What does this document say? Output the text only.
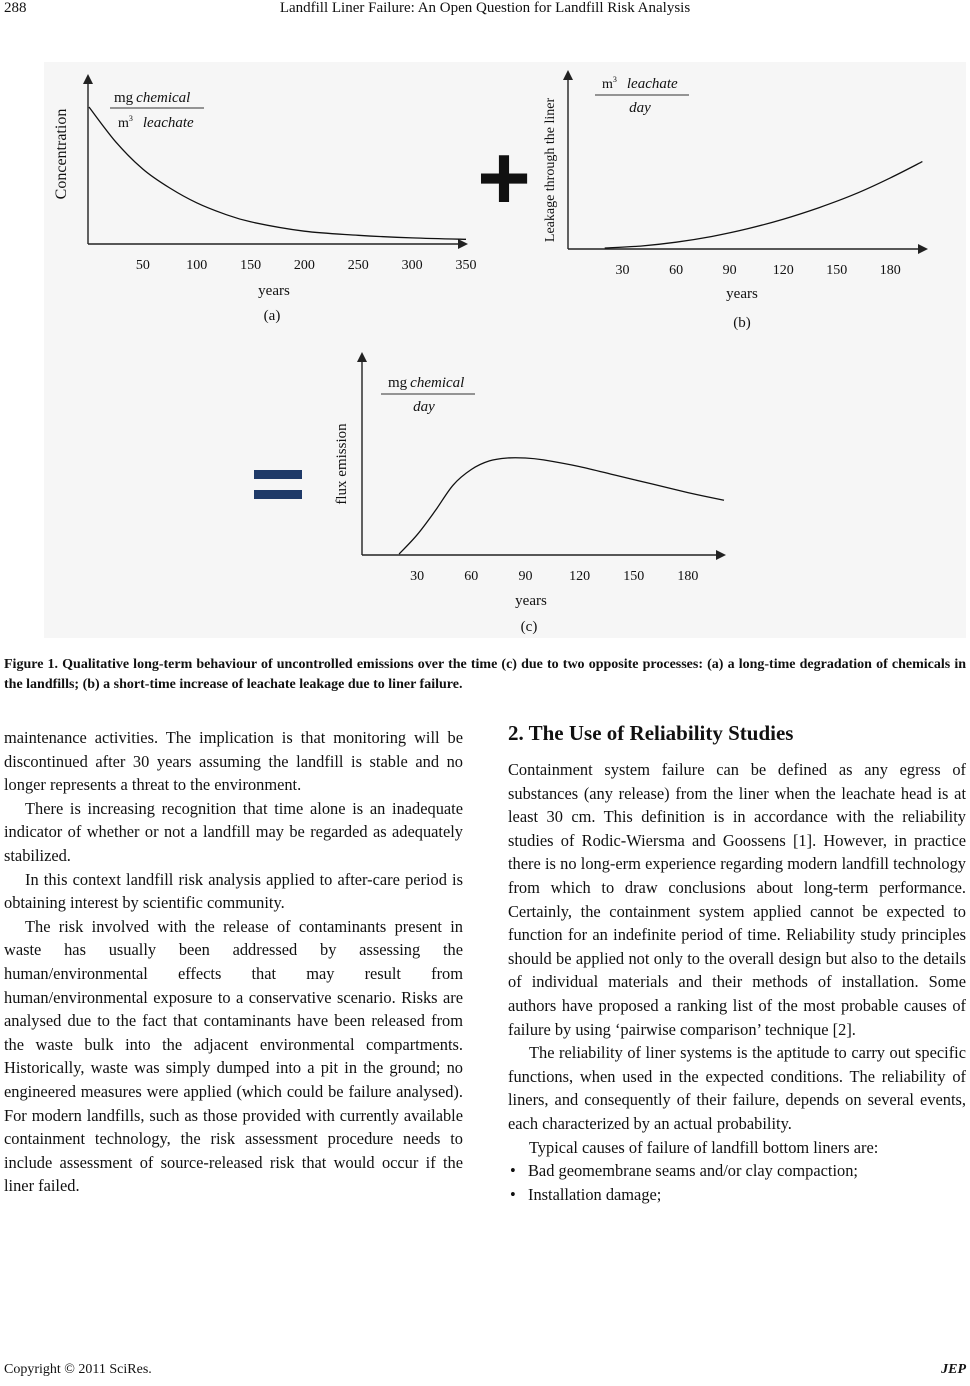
288	Landfill Liner Failure: An Open Question for Landfill Risk Analysis
Concentration
mg chemical
$m^3$ leachate
50	100 150 200 250 300 350
years
(a)
+ Leakage through the liner
$m^3$ leachate
day
30	60	90	120 150 180
years
(b)
=
flux emission
mg chemical
day
30	60	90	120 150 180
years
(c)
Figure 1. Qualitative long-term behaviour of uncontrolled emissions over the time (c) due to two opposite processes: (a) a long-time degradation of chemicals in the landfills; (b) a short-time increase of leachate leakage due to liner failure.

maintenance activities. The implication is that monitoring will be discontinued after 30 years assuming the landfill is stable and no longer represents a threat to the environment.

There is increasing recognition that time alone is an inadequate indicator of whether or not a landfill may be regarded as adequately stabilized.

In this context landfill risk analysis applied to after-care period is obtaining interest by scientific community.

The risk involved with the release of contaminants present in waste has usually been addressed by assessing the human/environmental effects that may result from human/environmental exposure to a conservative scenario. Risks are analysed due to the fact that contaminants have been released from the waste bulk into the adjacent environmental compartments. Historically, waste was simply dumped into a pit in the ground; no engineered measures were applied (which could be failure analysed). For modern landfills, such as those provided with currently available containment technology, the risk assessment procedure needs to include assessment of source-released risk that would occur if the liner failed.

2. The Use of Reliability Studies

Containment system failure can be defined as any egress of substances (any release) from the liner when the leachate head is at least 30 cm. This definition is in accordance with the reliability studies of Rodic-Wiersma and Goossens [1]. However, in practice there is no long-erm experience regarding modern landfill technology from which to draw conclusions about long-term performance. Certainly, the containment system applied cannot be expected to function for an indefinite period of time. Reliability study principles should be applied not only to the overall design but also to the details of individual materials and their methods of installation. Some authors have proposed a ranking list of the most probable causes of failure by using ‘pairwise comparison’ technique [2].

The reliability of liner systems is the aptitude to carry out specific functions, when used in the expected conditions. The reliability of liners, and consequently of their failure, depends on several events, each characterized by an actual probability.

Typical causes of failure of landfill bottom liners are:

• Bad geomembrane seams and/or clay compaction;
• Installation damage;
Copyright © 2011 SciRes.	JEP
